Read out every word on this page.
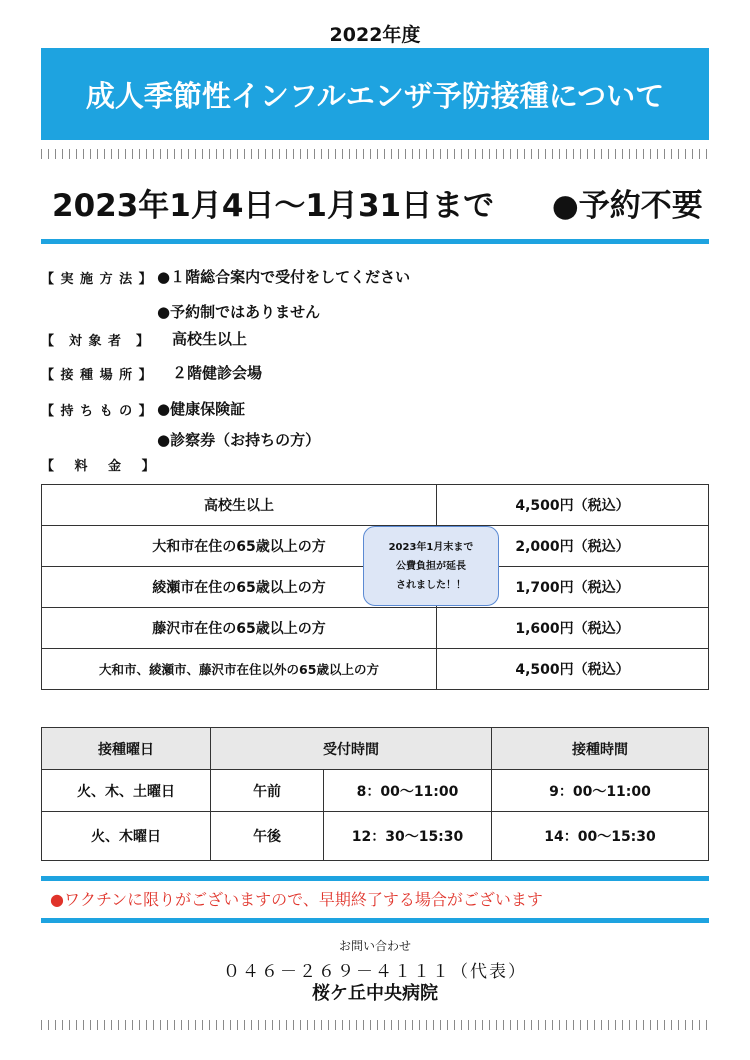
2022年度
成人季節性インフルエンザ予防接種について
2023年1月4日～1月31日まで ●予約不要
【 実 施 方 法 】 ●１階総合案内で受付をしてください
●予約制ではありません
【　対 象 者　】 高校生以上
【 接 種 場 所 】 ２階健診会場
【 持 ち も の 】 ●健康保険証
●診察券（お持ちの方）
【　 料　 金　 】
高校生以上	4,500円（税込）
大和市在住の65歳以上の方	2,000円（税込）
綾瀬市在住の65歳以上の方	1,700円（税込）
藤沢市在住の65歳以上の方	1,600円（税込）
大和市、綾瀬市、藤沢市在住以外の65歳以上の方	4,500円（税込）
2023年1月末まで
公費負担が延長
されました！！
接種曜日	受付時間		接種時間
火、木、土曜日	午前	8：00～11:00	9：00～11:00
火、木曜日	午後	12：30～15:30	14：00～15:30
●ワクチンに限りがございますので、早期終了する場合がございます
お問い合わせ
０４６－２６９－４１１１（代表）
桜ケ丘中央病院
